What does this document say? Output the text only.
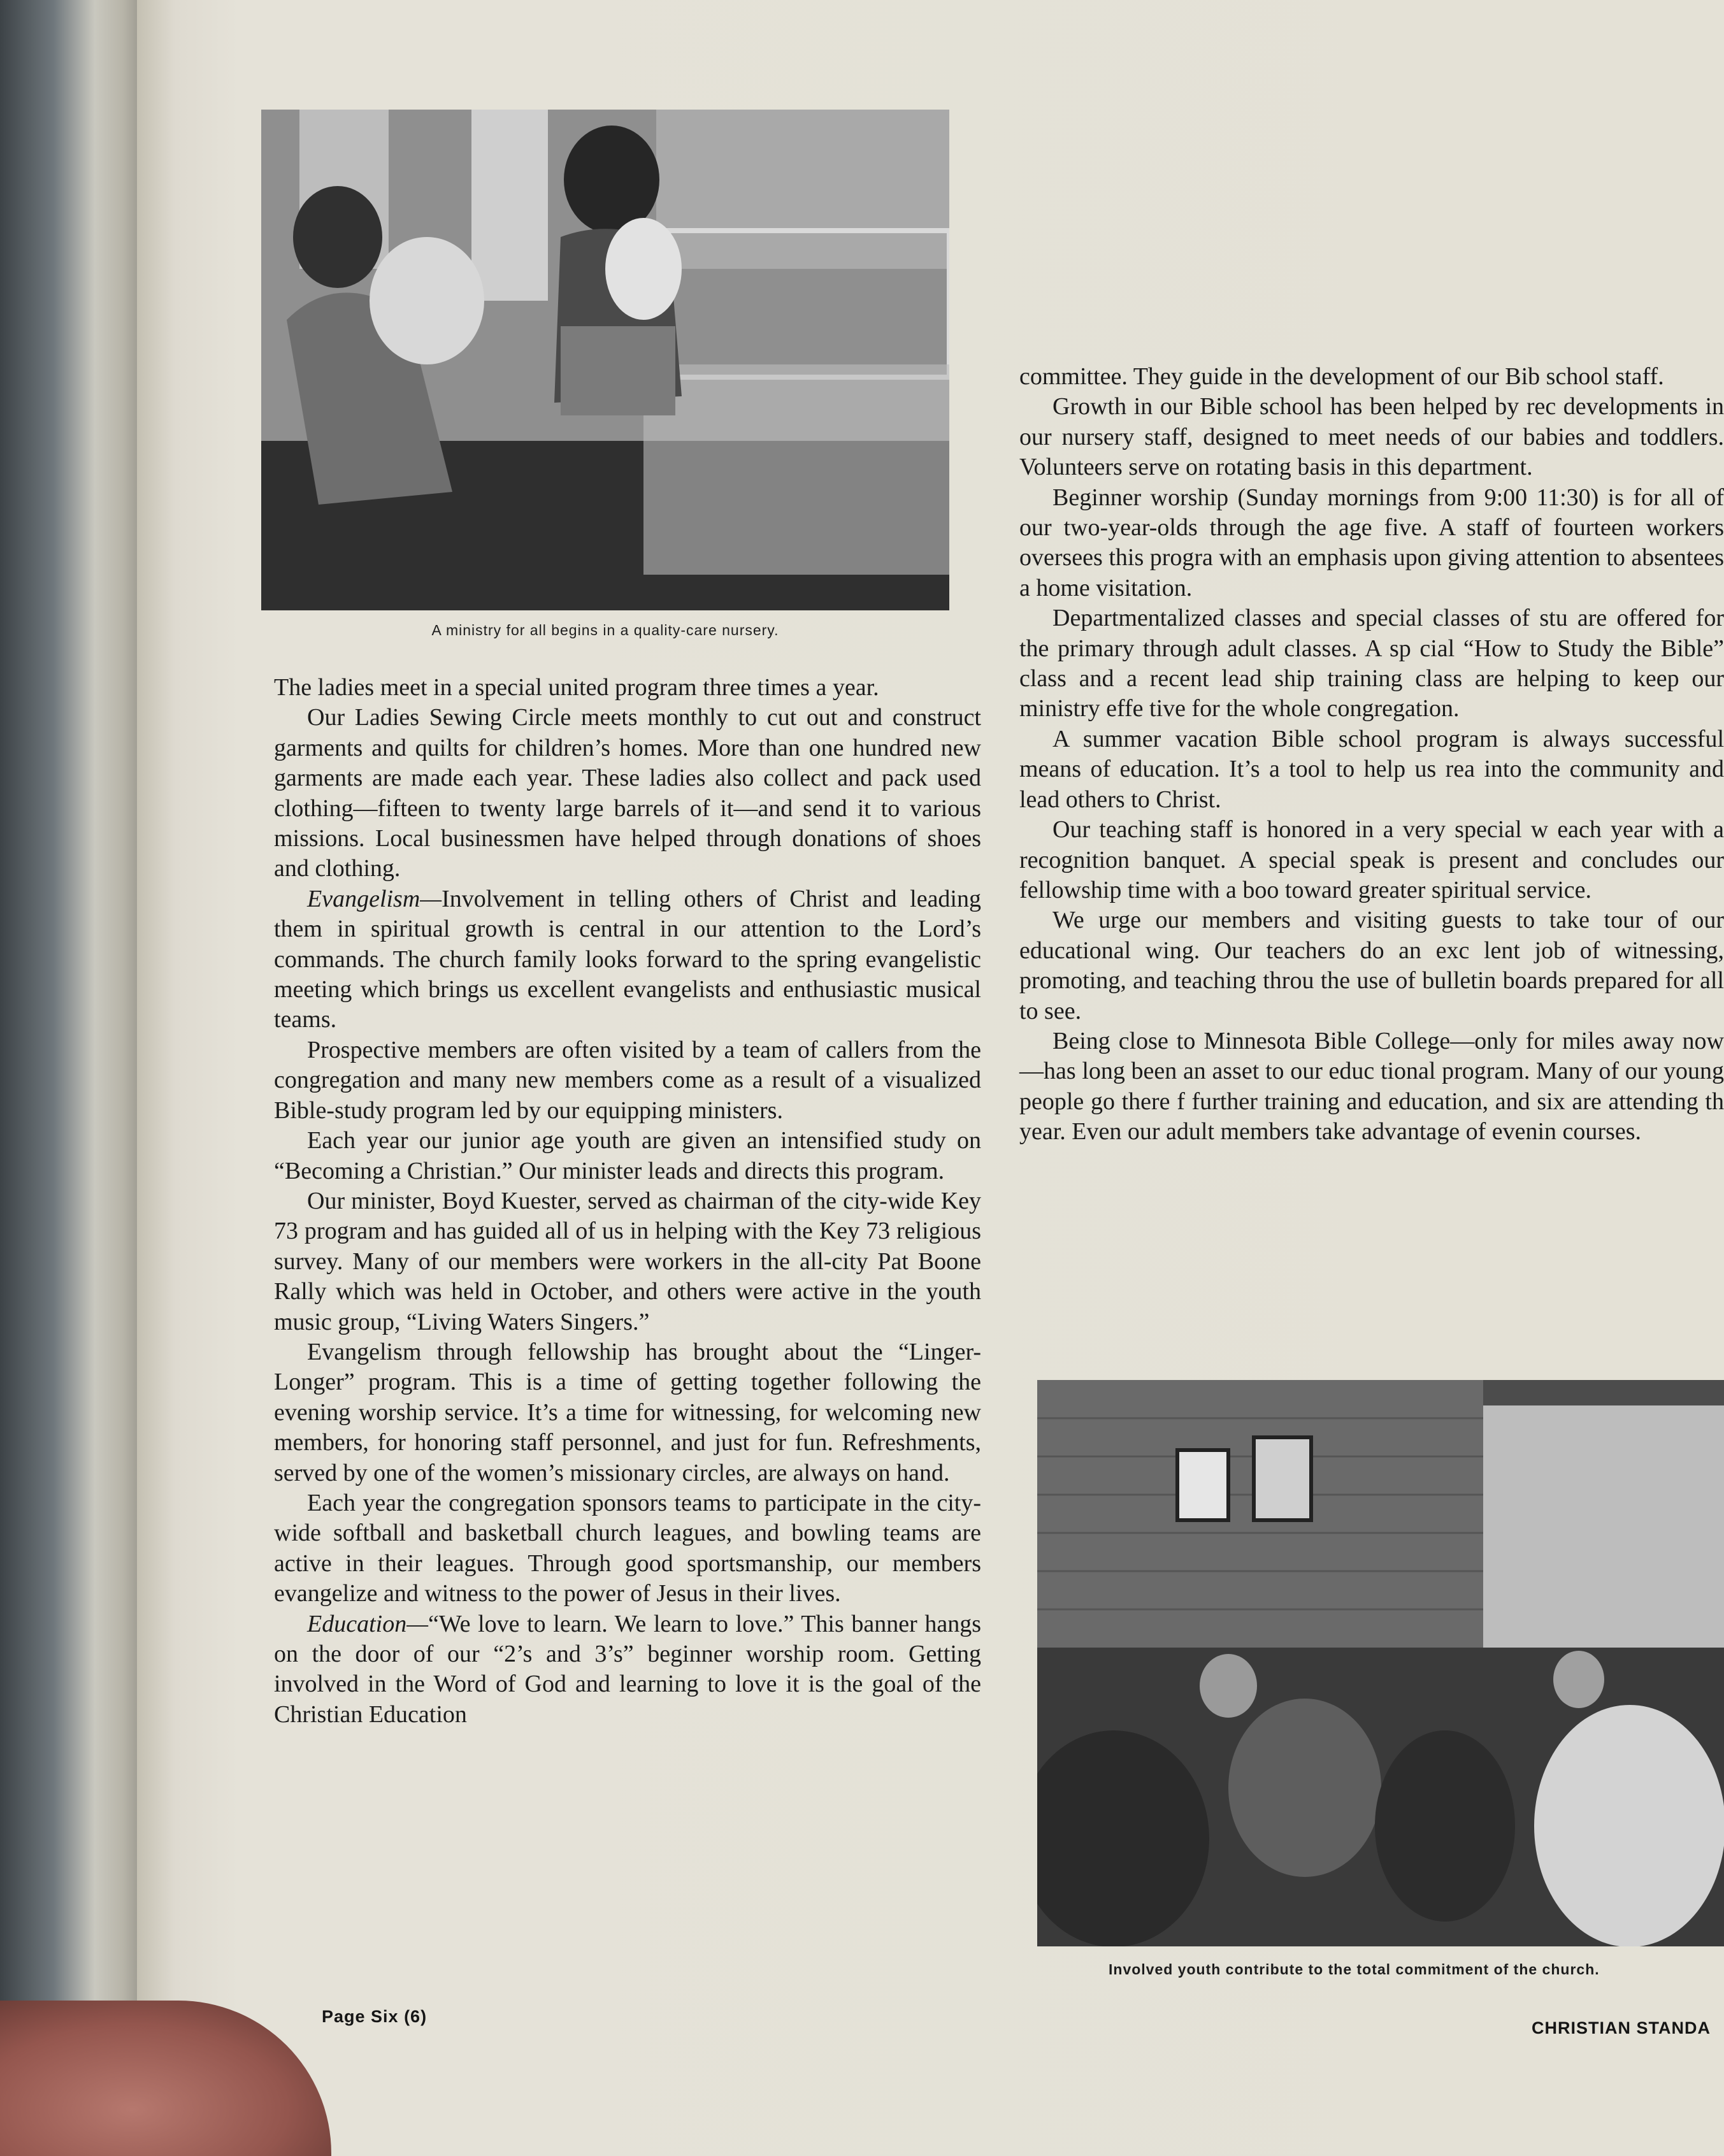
A ministry for all begins in a quality-care nursery.

The ladies meet in a special united program three times a year.

Our Ladies Sewing Circle meets monthly to cut out and construct garments and quilts for children’s homes. More than one hundred new garments are made each year. These ladies also collect and pack used clothing—fifteen to twenty large barrels of it—and send it to various missions. Local businessmen have helped through donations of shoes and clothing.

Evangelism—Involvement in telling others of Christ and leading them in spiritual growth is central in our attention to the Lord’s commands. The church family looks forward to the spring evangelistic meeting which brings us excellent evangelists and enthusiastic musical teams.

Prospective members are often visited by a team of callers from the congregation and many new members come as a result of a visualized Bible-study program led by our equipping ministers.

Each year our junior age youth are given an intensified study on “Becoming a Christian.” Our minister leads and directs this program.

Our minister, Boyd Kuester, served as chairman of the city-wide Key 73 program and has guided all of us in helping with the Key 73 religious survey. Many of our members were workers in the all-city Pat Boone Rally which was held in October, and others were active in the youth music group, “Living Waters Singers.”

Evangelism through fellowship has brought about the “Linger-Longer” program. This is a time of getting together following the evening worship service. It’s a time for witnessing, for welcoming new members, for honoring staff personnel, and just for fun. Refreshments, served by one of the women’s missionary circles, are always on hand.

Each year the congregation sponsors teams to participate in the city-wide softball and basketball church leagues, and bowling teams are active in their leagues. Through good sportsmanship, our members evangelize and witness to the power of Jesus in their lives.

Education—“We love to learn. We learn to love.” This banner hangs on the door of our “2’s and 3’s” beginner worship room. Getting involved in the Word of God and learning to love it is the goal of the Christian Education

committee. They guide in the development of our Bib school staff.

Growth in our Bible school has been helped by rec developments in our nursery staff, designed to meet needs of our babies and toddlers. Volunteers serve on rotating basis in this department.

Beginner worship (Sunday mornings from 9:00 11:30) is for all of our two-year-olds through the age five. A staff of fourteen workers oversees this progra with an emphasis upon giving attention to absentees a home visitation.

Departmentalized classes and special classes of stu are offered for the primary through adult classes. A sp cial “How to Study the Bible” class and a recent lead ship training class are helping to keep our ministry effe tive for the whole congregation.

A summer vacation Bible school program is always successful means of education. It’s a tool to help us rea into the community and lead others to Christ.

Our teaching staff is honored in a very special w each year with a recognition banquet. A special speak is present and concludes our fellowship time with a boo toward greater spiritual service.

We urge our members and visiting guests to take tour of our educational wing. Our teachers do an exc lent job of witnessing, promoting, and teaching throu the use of bulletin boards prepared for all to see.

Being close to Minnesota Bible College—only for miles away now—has long been an asset to our educ tional program. Many of our young people go there f further training and education, and six are attending th year. Even our adult members take advantage of evenin courses.

Involved youth contribute to the total commitment of the church.
Page Six (6)
CHRISTIAN STANDA
